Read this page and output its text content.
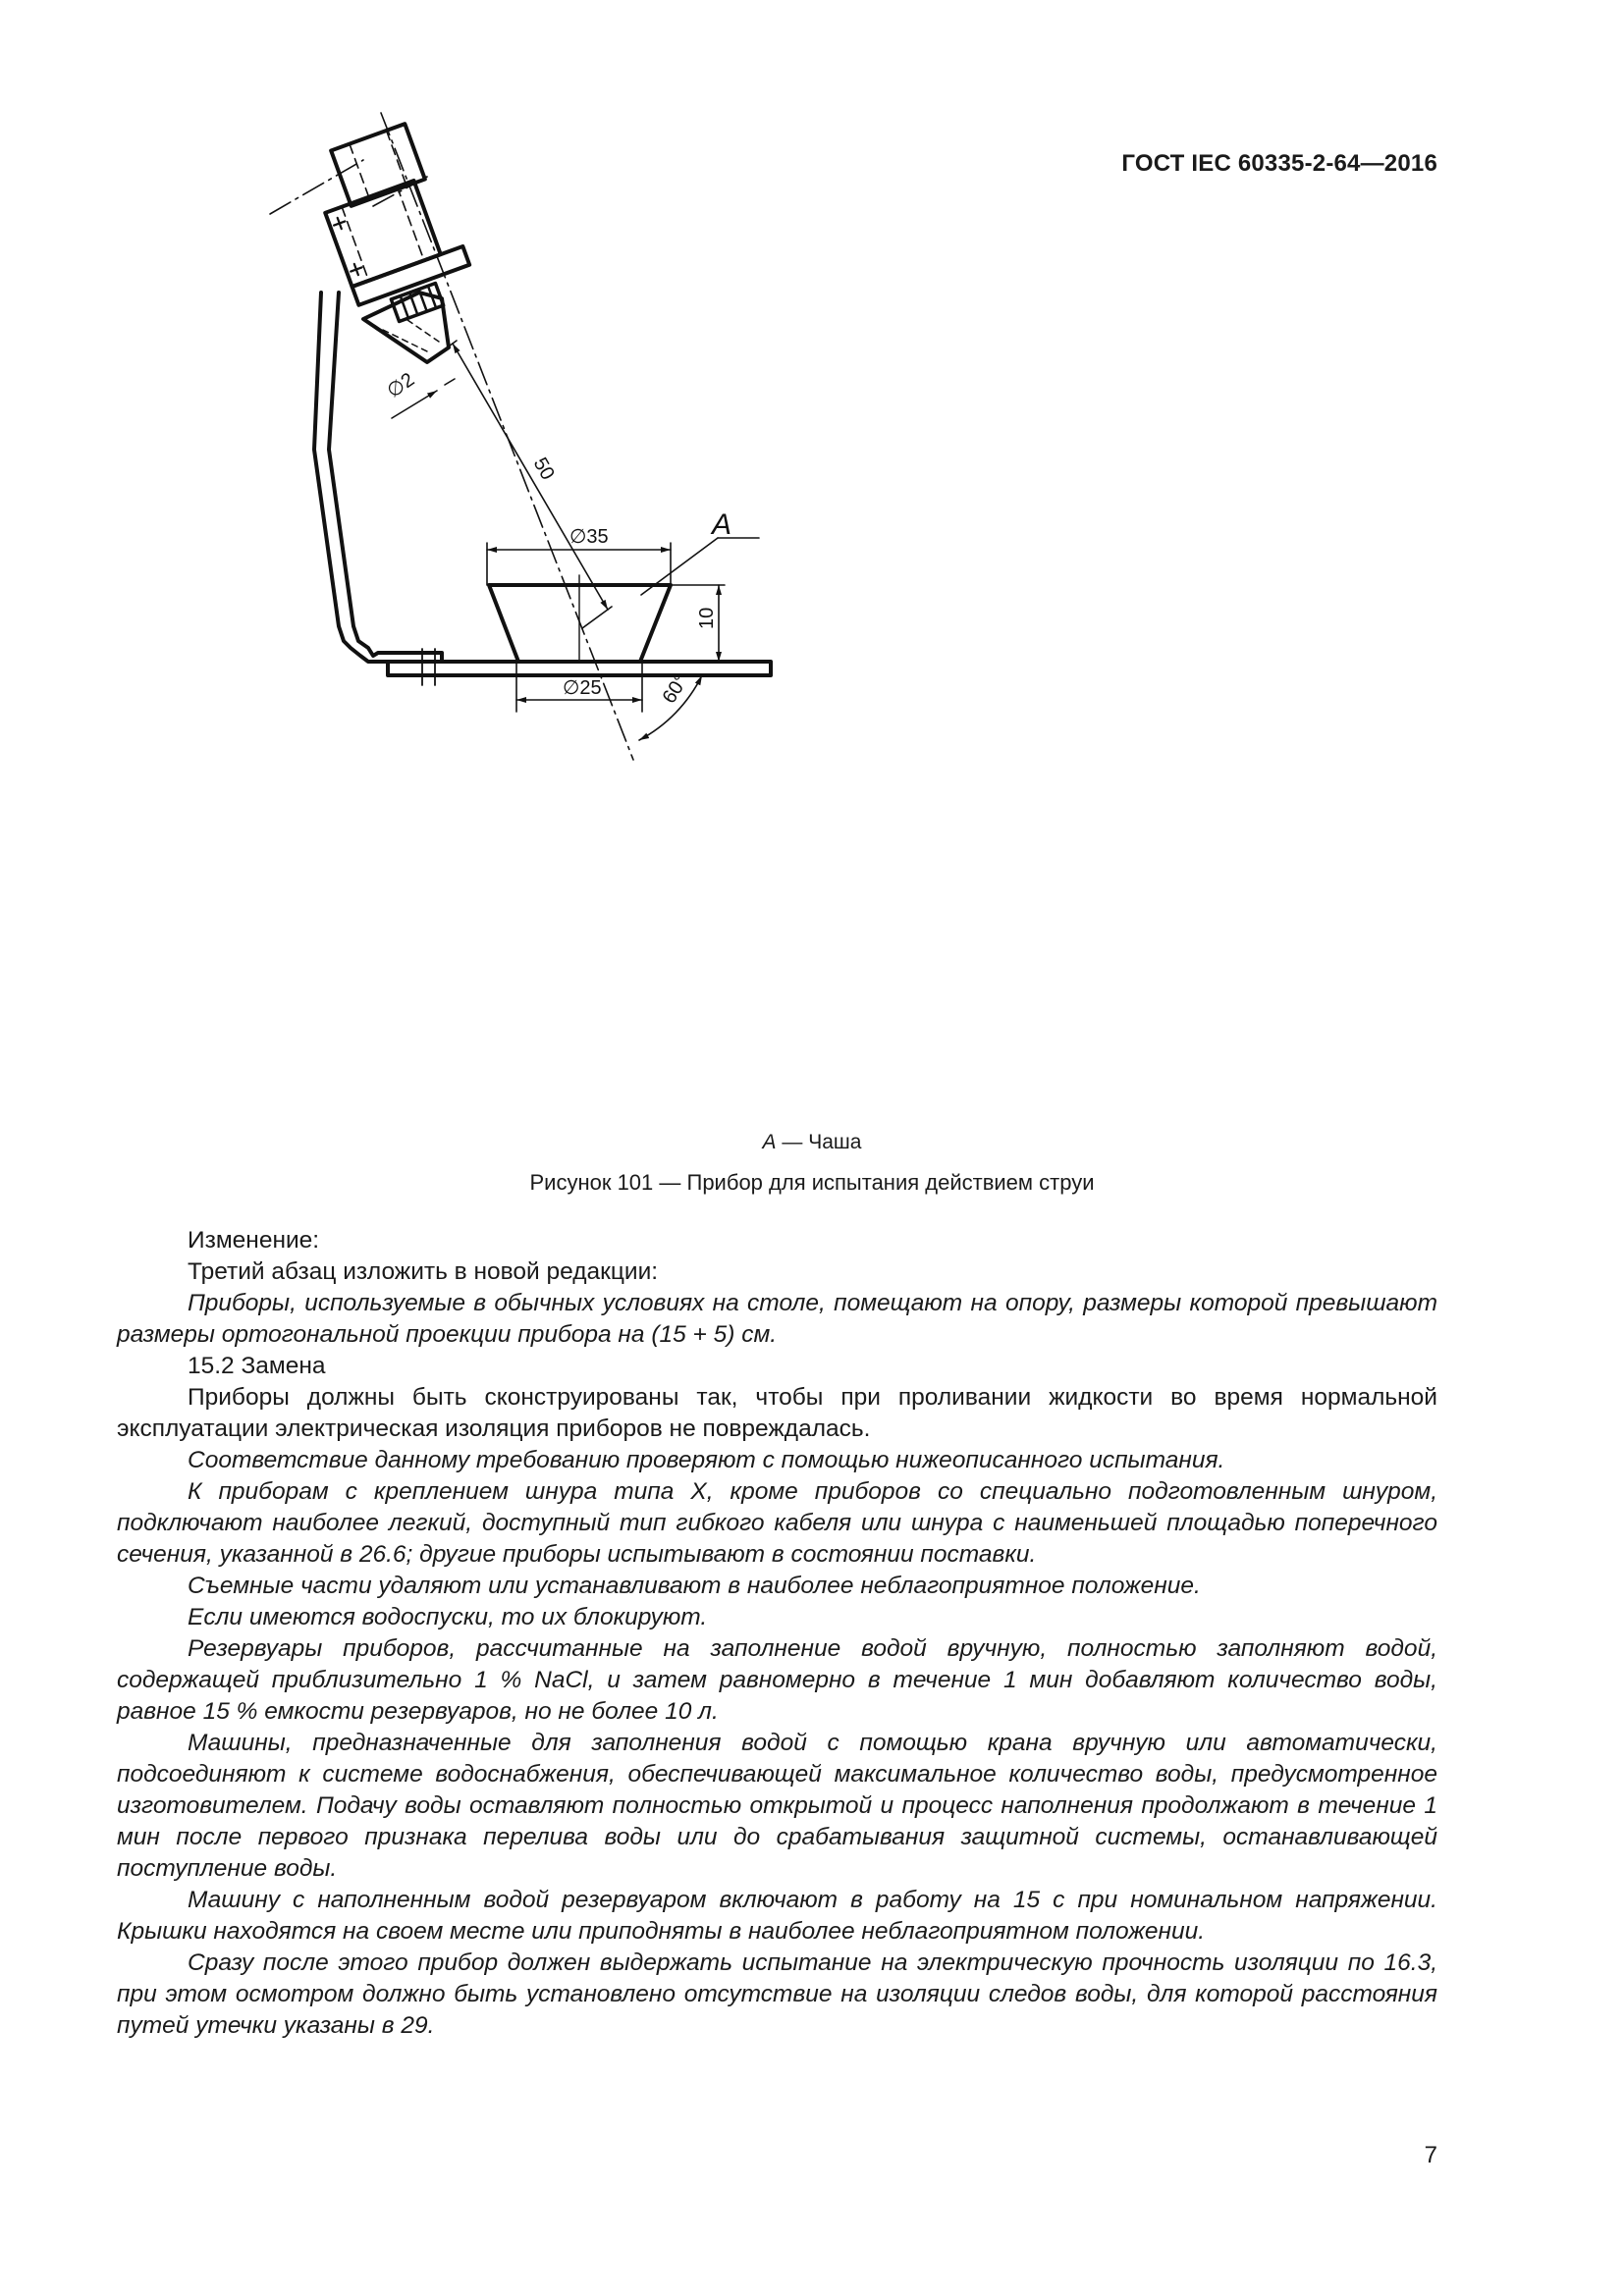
ГОСТ IEC 60335-2-64—2016
∅2
50
∅35
10
∅25	60°
A
A — Чаша
Рисунок 101 — Прибор для испытания действием струи

Изменение:

Третий абзац изложить в новой редакции:

Приборы, используемые в обычных условиях на столе, помещают на опору, размеры которой превышают размеры ортогональной проекции прибора на (15 + 5) см.

15.2 Замена

Приборы должны быть сконструированы так, чтобы при проливании жидкости во время нормальной эксплуатации электрическая изоляция приборов не повреждалась.

Соответствие данному требованию проверяют с помощью нижеописанного испытания.

К приборам с креплением шнура типа X, кроме приборов со специально подготовленным шнуром, подключают наиболее легкий, доступный тип гибкого кабеля или шнура с наименьшей площадью поперечного сечения, указанной в 26.6; другие приборы испытывают в состоянии поставки.

Съемные части удаляют или устанавливают в наиболее неблагоприятное положение.

Если имеются водоспуски, то их блокируют.

Резервуары приборов, рассчитанные на заполнение водой вручную, полностью заполняют водой, содержащей приблизительно 1 % NaCl, и затем равномерно в течение 1 мин добавляют количество воды, равное 15 % емкости резервуаров, но не более 10 л.

Машины, предназначенные для заполнения водой с помощью крана вручную или автоматически, подсоединяют к системе водоснабжения, обеспечивающей максимальное количество воды, предусмотренное изготовителем. Подачу воды оставляют полностью открытой и процесс наполнения продолжают в течение 1 мин после первого признака перелива воды или до срабатывания защитной системы, останавливающей поступление воды.

Машину с наполненным водой резервуаром включают в работу на 15 с при номинальном напряжении. Крышки находятся на своем месте или приподняты в наиболее неблагоприятном положении.

Сразу после этого прибор должен выдержать испытание на электрическую прочность изоляции по 16.3, при этом осмотром должно быть установлено отсутствие на изоляции следов воды, для которой расстояния путей утечки указаны в 29.

7
